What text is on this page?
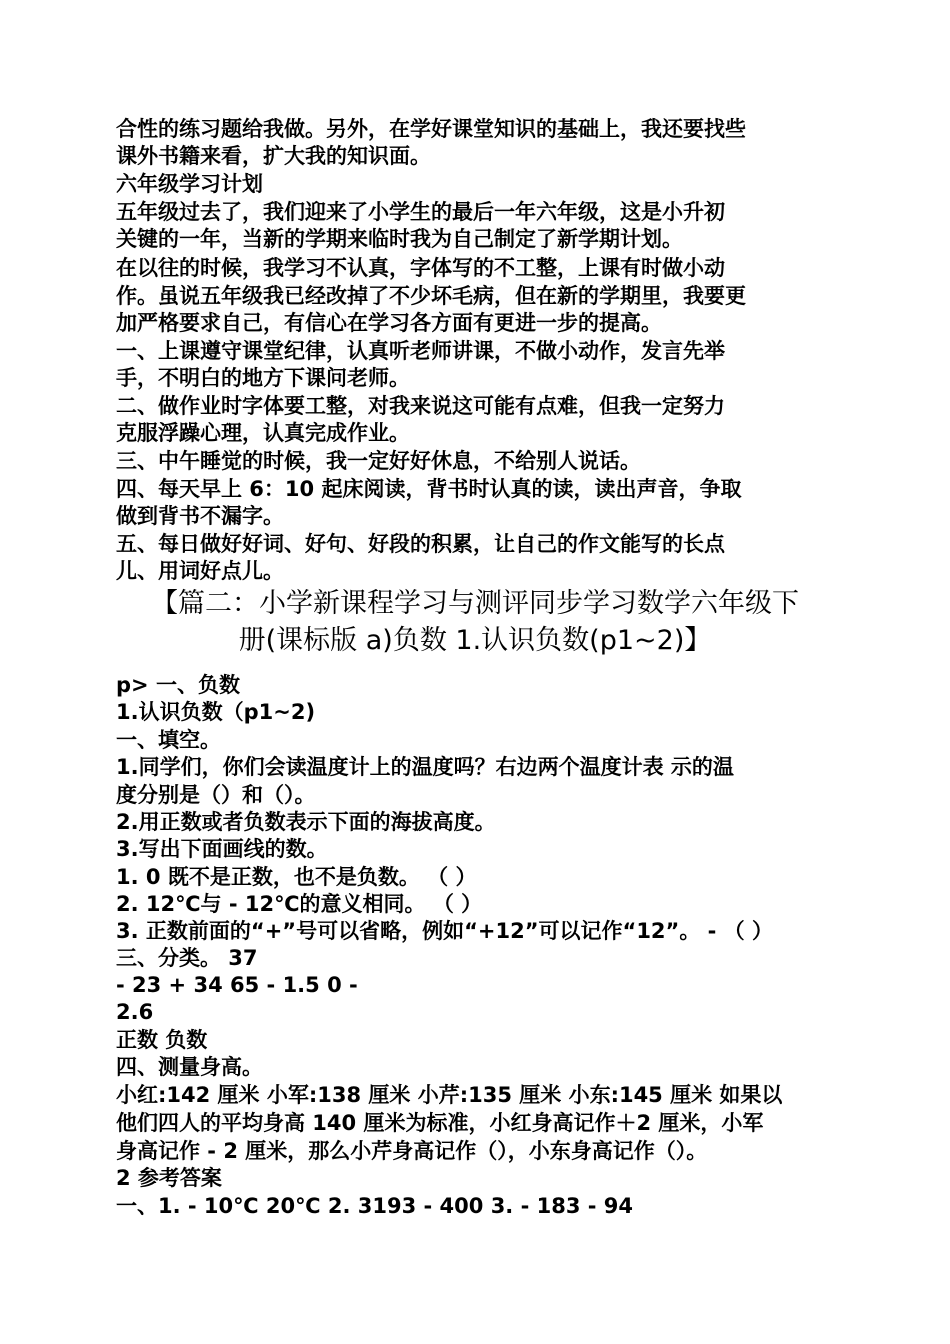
合性的练习题给我做。另外，在学好课堂知识的基础上，我还要找些
课外书籍来看，扩大我的知识面。
六年级学习计划
五年级过去了，我们迎来了小学生的最后一年六年级，这是小升初
关键的一年，当新的学期来临时我为自己制定了新学期计划。
在以往的时候，我学习不认真，字体写的不工整，上课有时做小动
作。虽说五年级我已经改掉了不少坏毛病，但在新的学期里，我要更
加严格要求自己，有信心在学习各方面有更进一步的提高。
一、上课遵守课堂纪律，认真听老师讲课，不做小动作，发言先举
手，不明白的地方下课问老师。
二、做作业时字体要工整，对我来说这可能有点难，但我一定努力
克服浮躁心理，认真完成作业。
三、中午睡觉的时候，我一定好好休息，不给别人说话。
四、每天早上 6：10 起床阅读，背书时认真的读，读出声音，争取
做到背书不漏字。
五、每日做好好词、好句、好段的积累，让自己的作文能写的长点
儿、用词好点儿。
【篇二：小学新课程学习与测评同步学习数学六年级下
册(课标版 a)负数 1.认识负数(p1~2)】
p> 一、负数
1.认识负数（p1~2)
一、填空。
1.同学们，你们会读温度计上的温度吗？右边两个温度计表 示的温
度分别是（）和（）。
2.用正数或者负数表示下面的海拔高度。
3.写出下面画线的数。
1. 0 既不是正数，也不是负数。 （ ）
2. 12℃与 - 12℃的意义相同。 （ ）
3. 正数前面的“+”号可以省略，例如“+12”可以记作“12”。 - （ ）
三、分类。 37
- 23 + 34 65 - 1.5 0 -
2.6
正数 负数
四、测量身高。
小红:142 厘米 小军:138 厘米 小芹:135 厘米 小东:145 厘米 如果以
他们四人的平均身高 140 厘米为标准，小红身高记作＋2 厘米，小军
身高记作 - 2 厘米，那么小芹身高记作（），小东身高记作（）。
2 参考答案
一、1. - 10℃ 20℃ 2. 3193 - 400 3. - 183 - 94
